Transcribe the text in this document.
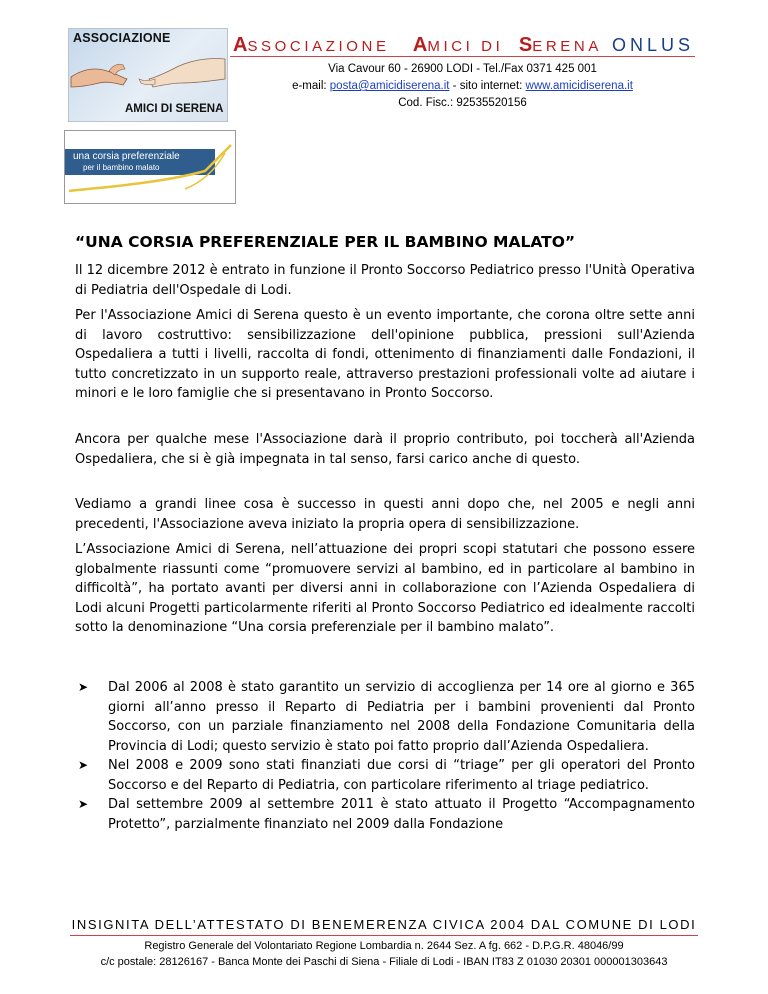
ASSOCIAZIONE
AMICI DI SERENA
ASSOCIAZIONE AMICI DI SERENA ONLUS
Via Cavour 60 - 26900 LODI - Tel./Fax 0371 425 001
e-mail: posta@amicidiserena.it - sito internet: www.amicidiserena.it
Cod. Fisc.: 92535520156
una corsia preferenziale
per il bambino malato
“UNA CORSIA PREFERENZIALE PER IL BAMBINO MALATO”

Il 12 dicembre 2012 è entrato in funzione il Pronto Soccorso Pediatrico presso l'Unità Operativa di Pediatria dell'Ospedale di Lodi.

Per l'Associazione Amici di Serena questo è un evento importante, che corona oltre sette anni di lavoro costruttivo: sensibilizzazione dell'opinione pubblica, pressioni sull'Azienda Ospedaliera a tutti i livelli, raccolta di fondi, ottenimento di finanziamenti dalle Fondazioni, il tutto concretizzato in un supporto reale, attraverso prestazioni professionali volte ad aiutare i minori e le loro famiglie che si presentavano in Pronto Soccorso.

Ancora per qualche mese l'Associazione darà il proprio contributo, poi toccherà all'Azienda Ospedaliera, che si è già impegnata in tal senso, farsi carico anche di questo.

Vediamo a grandi linee cosa è successo in questi anni dopo che, nel 2005 e negli anni precedenti, l'Associazione aveva iniziato la propria opera di sensibilizzazione.

L’Associazione Amici di Serena, nell’attuazione dei propri scopi statutari che possono essere globalmente riassunti come “promuovere servizi al bambino, ed in particolare al bambino in difficoltà”, ha portato avanti per diversi anni in collaborazione con l’Azienda Ospedaliera di Lodi alcuni Progetti particolarmente riferiti al Pronto Soccorso Pediatrico ed idealmente raccolti sotto la denominazione “Una corsia preferenziale per il bambino malato”.

➤ Dal 2006 al 2008 è stato garantito un servizio di accoglienza per 14 ore al giorno e 365 giorni all’anno presso il Reparto di Pediatria per i bambini provenienti dal Pronto Soccorso, con un parziale finanziamento nel 2008 della Fondazione Comunitaria della Provincia di Lodi; questo servizio è stato poi fatto proprio dall’Azienda Ospedaliera.
➤ Nel 2008 e 2009 sono stati finanziati due corsi di “triage” per gli operatori del Pronto Soccorso e del Reparto di Pediatria, con particolare riferimento al triage pediatrico.
➤ Dal settembre 2009 al settembre 2011 è stato attuato il Progetto “Accompagnamento Protetto”, parzialmente finanziato nel 2009 dalla Fondazione
INSIGNITA DELL’ATTESTATO DI BENEMERENZA CIVICA 2004 DAL COMUNE DI LODI
Registro Generale del Volontariato Regione Lombardia n. 2644 Sez. A fg. 662 - D.P.G.R. 48046/99
c/c postale: 28126167 - Banca Monte dei Paschi di Siena - Filiale di Lodi - IBAN IT83 Z 01030 20301 000001303643
